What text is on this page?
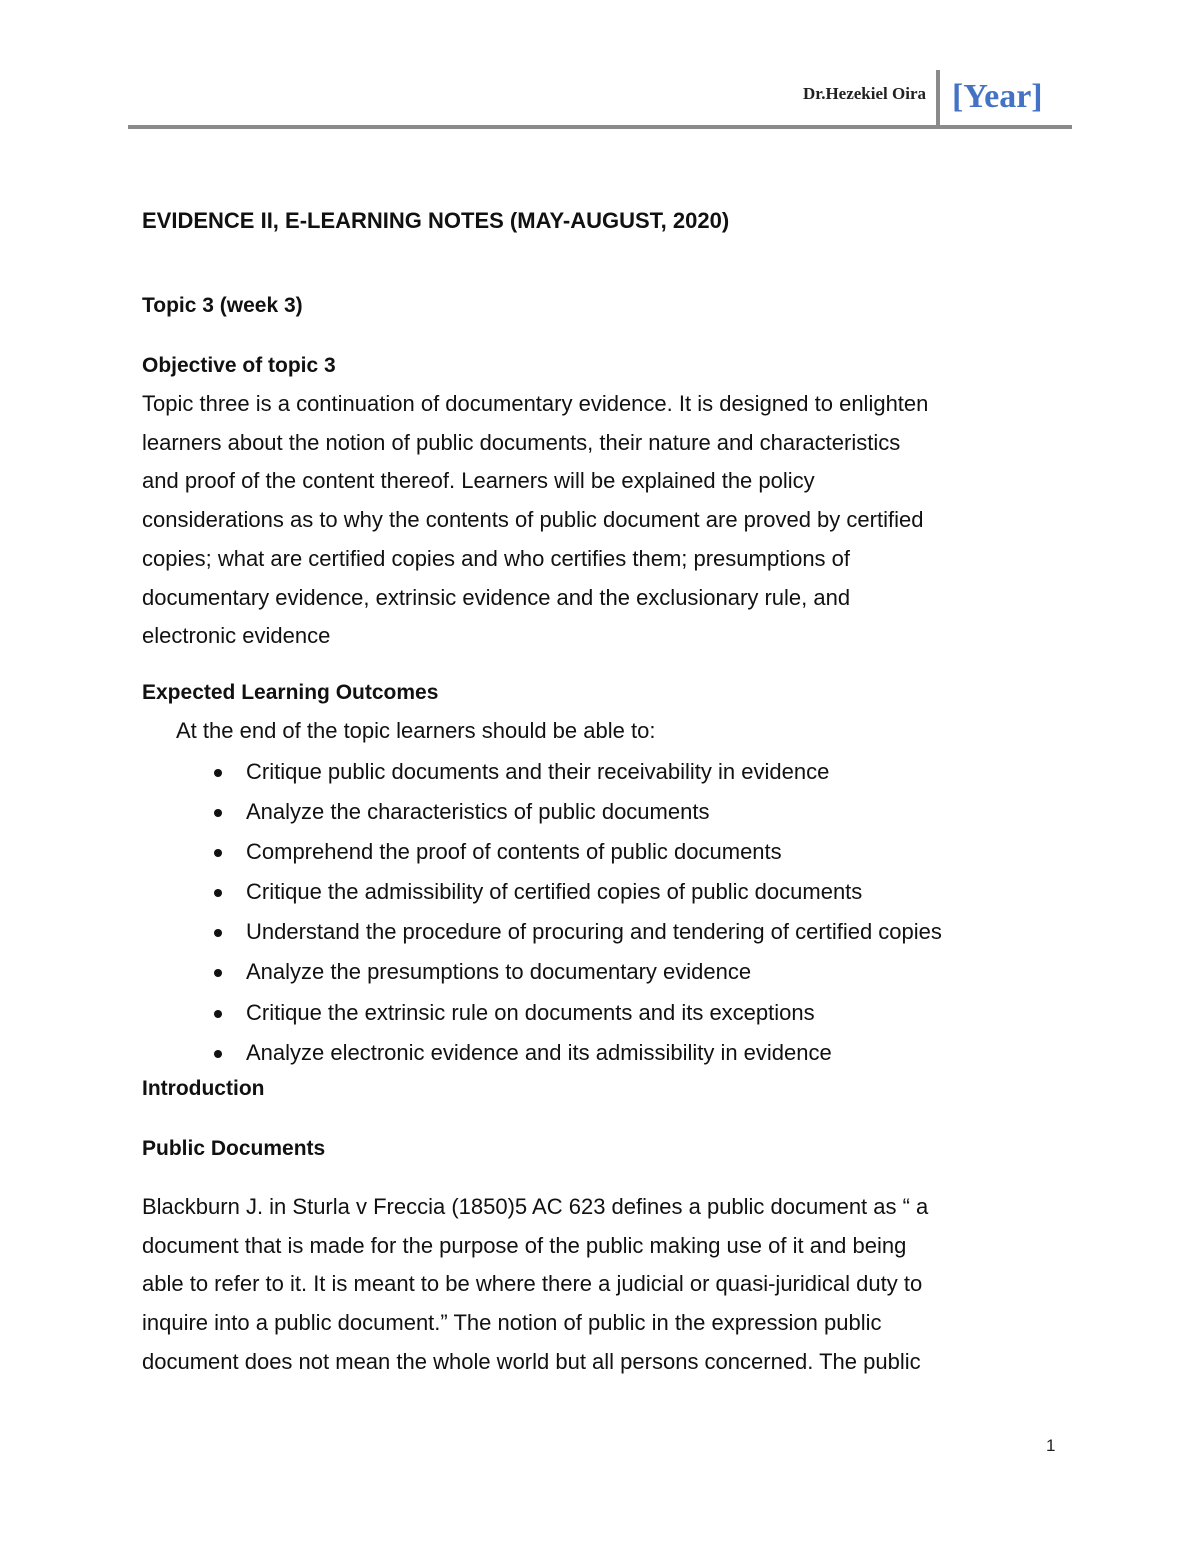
Dr.Hezekiel Oira [Year]
EVIDENCE II, E-LEARNING NOTES (MAY-AUGUST, 2020)
Topic 3 (week 3)
Objective of topic 3
Topic three is a continuation of documentary evidence. It is designed to enlighten
learners about the notion of public documents, their nature and characteristics
and proof of the content thereof. Learners will be explained the policy
considerations as to why the contents of public document are proved by certified
copies; what are certified copies and who certifies them; presumptions of
documentary evidence, extrinsic evidence and the exclusionary rule, and
electronic evidence
Expected Learning Outcomes
At the end of the topic learners should be able to:
Critique public documents and their receivability in evidence
Analyze the characteristics of public documents
Comprehend the proof of contents of public documents
Critique the admissibility of certified copies of public documents
Understand the procedure of procuring and tendering of certified copies
Analyze the presumptions to documentary evidence
Critique the extrinsic rule on documents and its exceptions
Analyze electronic evidence and its admissibility in evidence
Introduction
Public Documents
Blackburn J. in Sturla v Freccia (1850)5 AC 623 defines a public document as “ a
document that is made for the purpose of the public making use of it and being
able to refer to it. It is meant to be where there a judicial or quasi-juridical duty to
inquire into a public document.” The notion of public in the expression public
document does not mean the whole world but all persons concerned. The public
1
